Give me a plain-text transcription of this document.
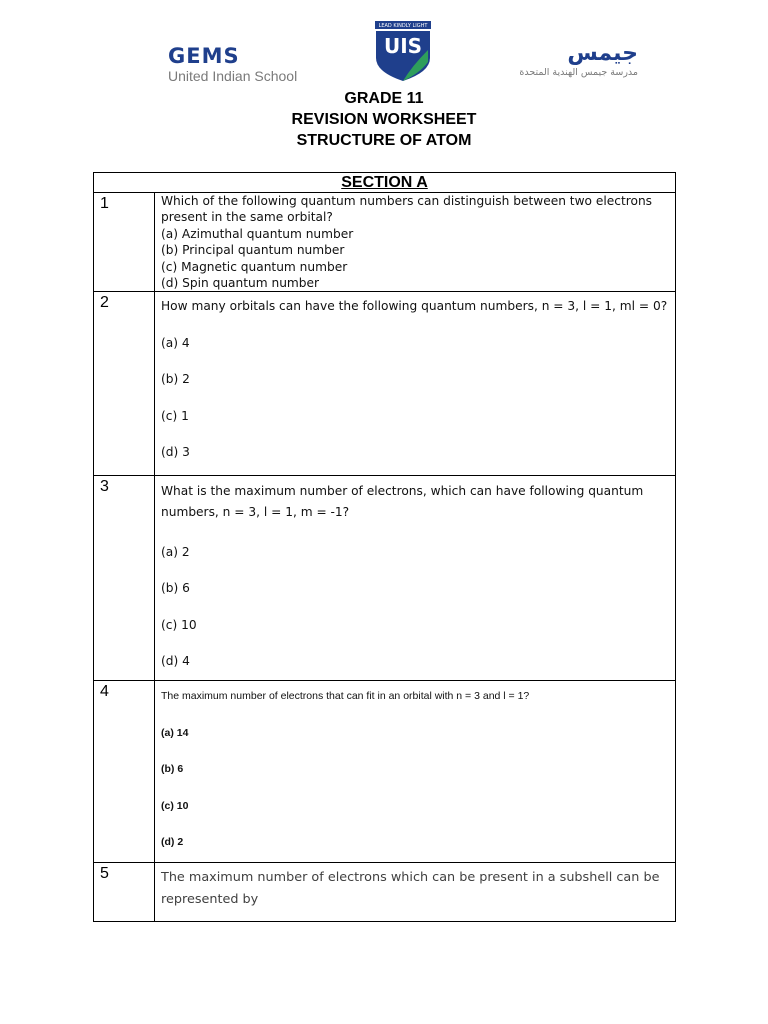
GEMS
United Indian School
LEAD KINDLY LIGHT
UIS	جيمس
مدرسة جيمس الهندية المتحدة
GRADE 11
REVISION WORKSHEET
STRUCTURE OF ATOM
SECTION A	
1	Which of the following quantum numbers can distinguish between two electrons present in the same orbital?
(a) Azimuthal quantum number
(b) Principal quantum number
(c) Magnetic quantum number
(d) Spin quantum number

2	How many orbitals can have the following quantum numbers, n = 3, l = 1, ml = 0?
(a) 4
(b) 2
(c) 1
(d) 3

3	What is the maximum number of electrons, which can have following quantum numbers, n = 3, l = 1, m = -1?
(a) 2
(b) 6
(c) 10
(d) 4

4	The maximum number of electrons that can fit in an orbital with n = 3 and l = 1?
(a) 14
(b) 6
(c) 10
(d) 2

5	The maximum number of electrons which can be present in a subshell can be represented by
